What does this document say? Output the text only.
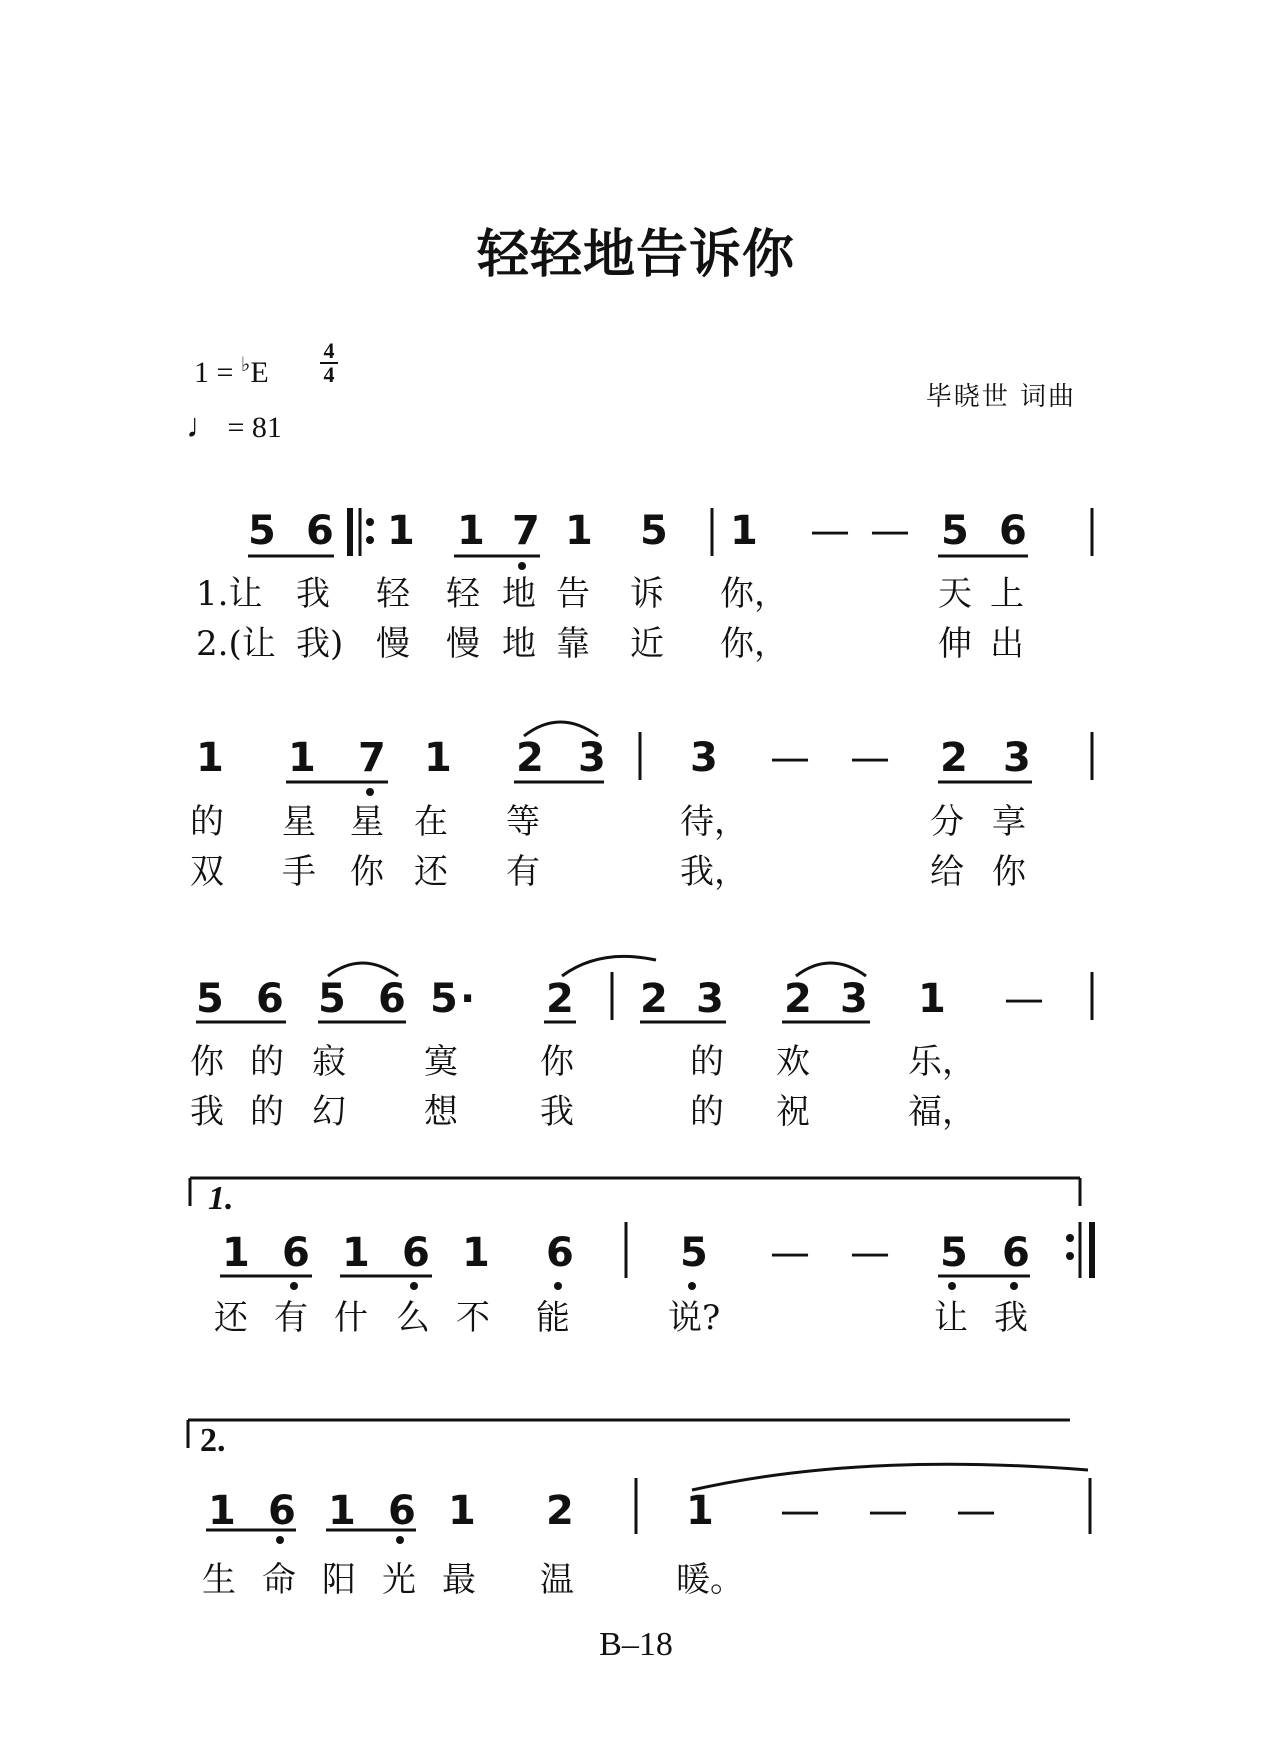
轻轻地告诉你
1 = ♭E
4
4
♩ = 81
毕晓世 词曲
5 6 1 1 7 1 5 1 — — 5 6
1.让 我 轻 轻 地 告 诉 你，	天 上
2.(让 我) 慢 慢 地 靠 近 你，	伸 出
1 1 7 1 2 3 3 — — 2 3
的 星 星 在 等	待，	分 享
双 手 你 还 有	我，	给 你
5 6 5 6 5 · 2 2 3 2 3 1 —
你 的 寂 寞 你	的 欢	乐，
我 的 幻 想 我	的 祝	福，
1.
1 6 1 6 1 6	5 — — 5 6
还 有 什 么 不 能	说?	让 我
2.
1 6 1 6 1 2	1 — — —
生 命 阳 光 最 温	暖。
B–18
